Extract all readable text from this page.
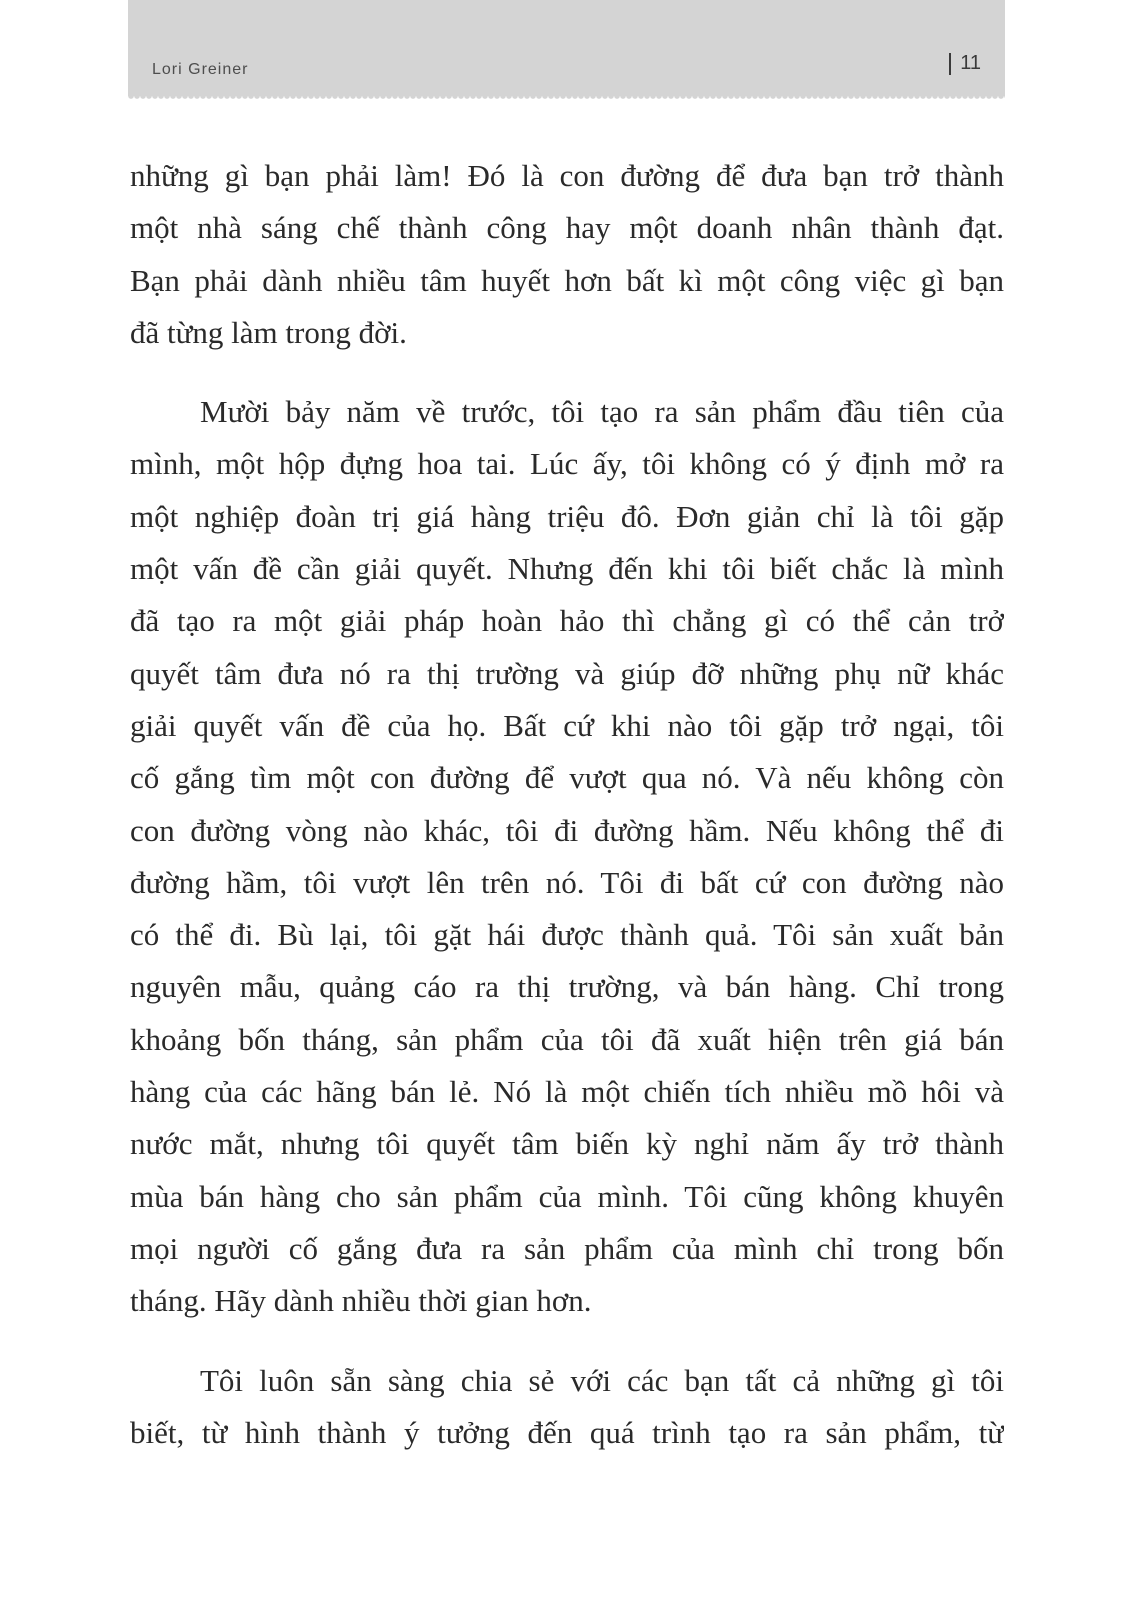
Lori Greiner	11
những gì bạn phải làm! Đó là con đường để đưa bạn trở thành
một nhà sáng chế thành công hay một doanh nhân thành đạt.
Bạn phải dành nhiều tâm huyết hơn bất kì một công việc gì bạn
đã từng làm trong đời.
Mười bảy năm về trước, tôi tạo ra sản phẩm đầu tiên của
mình, một hộp đựng hoa tai. Lúc ấy, tôi không có ý định mở ra
một nghiệp đoàn trị giá hàng triệu đô. Đơn giản chỉ là tôi gặp
một vấn đề cần giải quyết. Nhưng đến khi tôi biết chắc là mình
đã tạo ra một giải pháp hoàn hảo thì chẳng gì có thể cản trở
quyết tâm đưa nó ra thị trường và giúp đỡ những phụ nữ khác
giải quyết vấn đề của họ. Bất cứ khi nào tôi gặp trở ngại, tôi
cố gắng tìm một con đường để vượt qua nó. Và nếu không còn
con đường vòng nào khác, tôi đi đường hầm. Nếu không thể đi
đường hầm, tôi vượt lên trên nó. Tôi đi bất cứ con đường nào
có thể đi. Bù lại, tôi gặt hái được thành quả. Tôi sản xuất bản
nguyên mẫu, quảng cáo ra thị trường, và bán hàng. Chỉ trong
khoảng bốn tháng, sản phẩm của tôi đã xuất hiện trên giá bán
hàng của các hãng bán lẻ. Nó là một chiến tích nhiều mồ hôi và
nước mắt, nhưng tôi quyết tâm biến kỳ nghỉ năm ấy trở thành
mùa bán hàng cho sản phẩm của mình. Tôi cũng không khuyên
mọi người cố gắng đưa ra sản phẩm của mình chỉ trong bốn
tháng. Hãy dành nhiều thời gian hơn.
Tôi luôn sẵn sàng chia sẻ với các bạn tất cả những gì tôi
biết, từ hình thành ý tưởng đến quá trình tạo ra sản phẩm, từ
